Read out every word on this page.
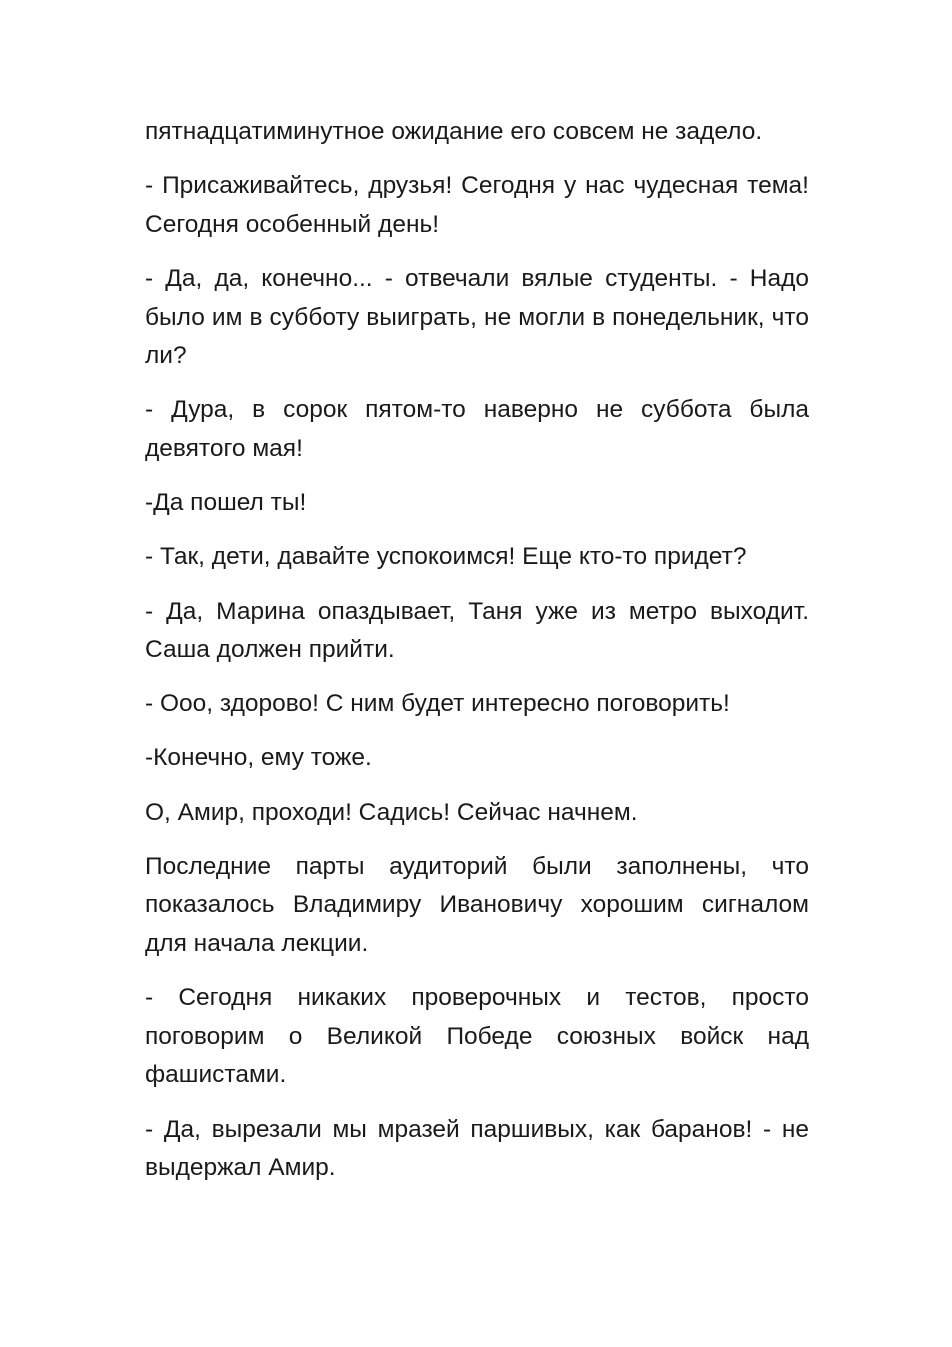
пятнадцатиминутное ожидание его совсем не задело.

- Присаживайтесь, друзья! Сегодня у нас чудесная тема! Сегодня особенный день!

- Да, да, конечно... - отвечали вялые студенты. - Надо было им в субботу выиграть, не могли в понедельник, что ли?

- Дура, в сорок пятом-то наверно не суббота была девятого мая!

-Да пошел ты!

- Так, дети, давайте успокоимся! Еще кто-то придет?

- Да, Марина опаздывает, Таня уже из метро выходит. Саша должен прийти.

- Ооо, здорово! С ним будет интересно поговорить!

-Конечно, ему тоже.

О, Амир, проходи! Садись! Сейчас начнем.

Последние парты аудиторий были заполнены, что показалось Владимиру Ивановичу хорошим сигналом для начала лекции.

- Сегодня никаких проверочных и тестов, просто поговорим о Великой Победе союзных войск над фашистами.

- Да, вырезали мы мразей паршивых, как баранов! - не выдержал Амир.
